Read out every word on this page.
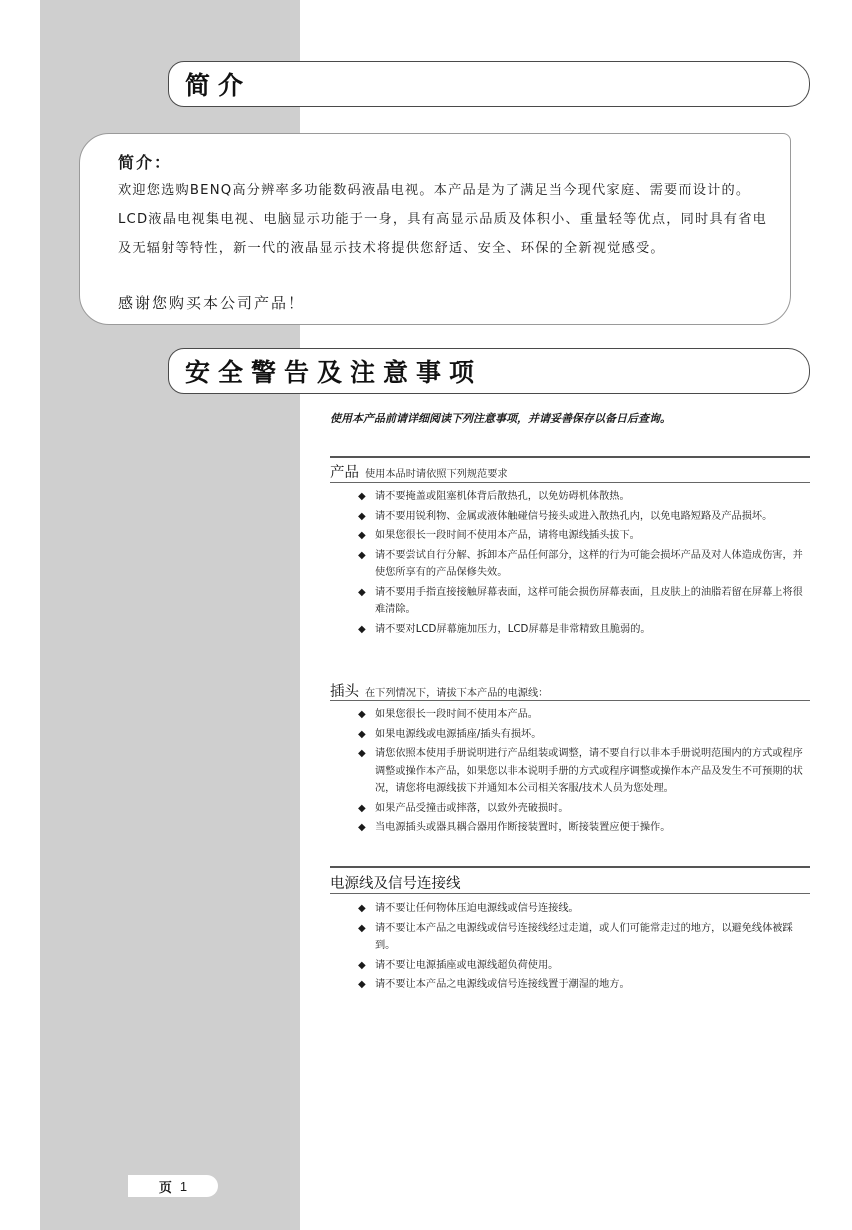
简介
简介：
欢迎您选购BENQ高分辨率多功能数码液晶电视。本产品是为了满足当今现代家庭、需要而设计的。LCD液晶电视集电视、电脑显示功能于一身，具有高显示品质及体积小、重量轻等优点，同时具有省电及无辐射等特性，新一代的液晶显示技术将提供您舒适、安全、环保的全新视觉感受。
感谢您购买本公司产品！
安全警告及注意事项
使用本产品前请详细阅读下列注意事项，并请妥善保存以备日后查询。
产品 使用本品时请依照下列规范要求
◆ 请不要掩盖或阻塞机体背后散热孔，以免妨碍机体散热。
◆ 请不要用锐利物、金属或液体触碰信号接头或进入散热孔内，以免电路短路及产品损坏。
◆ 如果您很长一段时间不使用本产品，请将电源线插头拔下。
◆ 请不要尝试自行分解、拆卸本产品任何部分，这样的行为可能会损坏产品及对人体造成伤害，并使您所享有的产品保修失效。
◆ 请不要用手指直接接触屏幕表面，这样可能会损伤屏幕表面，且皮肤上的油脂若留在屏幕上将很难清除。
◆ 请不要对LCD屏幕施加压力，LCD屏幕是非常精致且脆弱的。
插头 在下列情况下，请拔下本产品的电源线：
◆ 如果您很长一段时间不使用本产品。
◆ 如果电源线或电源插座/插头有损坏。
◆ 请您依照本使用手册说明进行产品组装或调整，请不要自行以非本手册说明范围内的方式或程序调整或操作本产品，如果您以非本说明手册的方式或程序调整或操作本产品及发生不可预期的状况，请您将电源线拔下并通知本公司相关客服/技术人员为您处理。
◆ 如果产品受撞击或摔落，以致外壳破损时。
◆ 当电源插头或器具耦合器用作断接装置时，断接装置应便于操作。
电源线及信号连接线
◆ 请不要让任何物体压迫电源线或信号连接线。
◆ 请不要让本产品之电源线或信号连接线经过走道，或人们可能常走过的地方，以避免线体被踩到。
◆ 请不要让电源插座或电源线超负荷使用。
◆ 请不要让本产品之电源线或信号连接线置于潮湿的地方。
页 1
